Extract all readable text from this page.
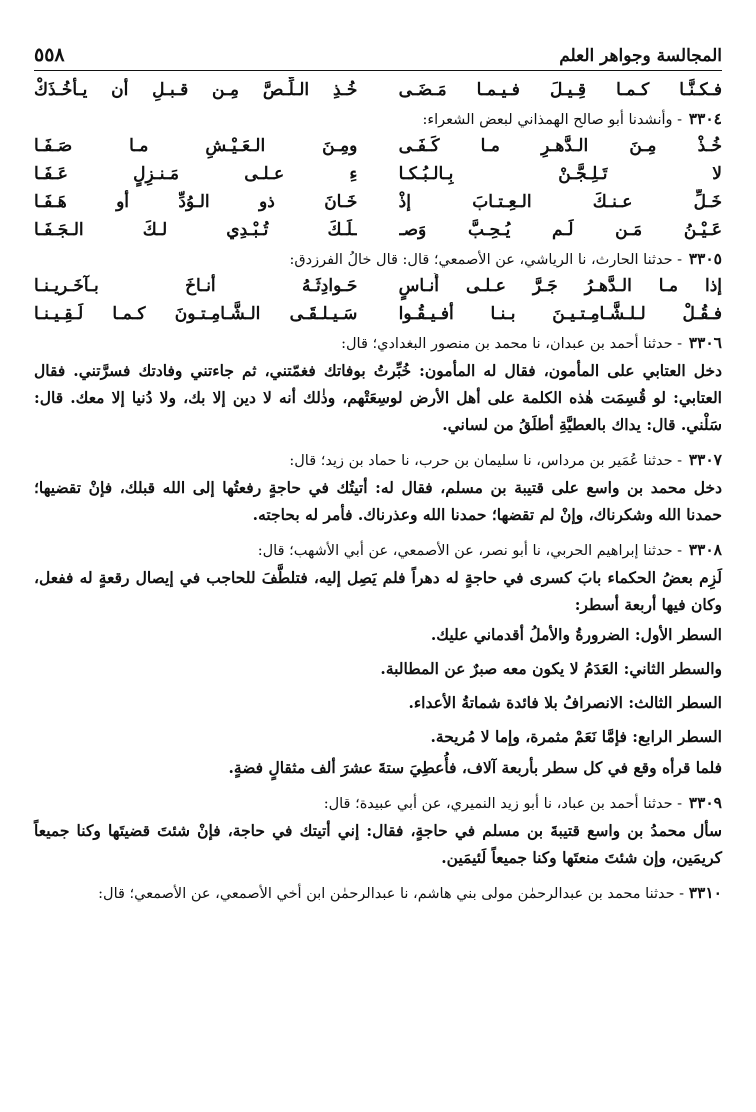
المجالسة وجواهر العلم
٥٥٨
فـكـنَّـا كـمـا قِـيـلَ فـيـمـا مَـضَـى
خُـذِ الـلِّـصَّ مِـن قـبـلِ أن يـأخُـذَكْ
٣٣٠٤ - وأنشدنا أبو صالح الهمذاني لبعض الشعراء:
خُـذْ مِـنَ الـدَّهـرِ مـا كَـفَـى
ومِـنَ الـعَـيْـشِ مـا صَـفَـا
لا تَـلِـجَّـنْ بِـالـبُـكـا
ءِ عـلـى مَـنـزِلٍ عَـفَـا
خَـلِّ عـنـكَ الـعِـتـابَ إذْ
خَـانَ ذو الـوُدِّ أو هَـفَـا
عَـيْـنُ مَـن لَـم يُـحِـبَّ وَصـ
ـلَـكَ تُـبْـدِي لـكَ الـجَـفَـا
٣٣٠٥ - حدثنا الحارث، نا الرياشي، عن الأصمعي؛ قال: قال خالُ الفرزدق:
إذا مـا الـدَّهـرُ جَـرَّ عـلـى أُنـاسٍ
حَـوادِثَـهُ أنـاخَ بـآخَـريـنـا
فـقُـلْ لـلـشَّـامِـتـيـنَ بـنـا أفـيـقُـوا
سَـيـلـقَـى الـشَّـامِـتـونَ كـمـا لَـقِـيـنـا
٣٣٠٦ - حدثنا أحمد بن عبدان، نا محمد بن منصور البغدادي؛ قال:

دخل العتابي على المأمون، فقال له المأمون: خُبِّرتُ بوفاتك فغمّتني، ثم جاءتني وفادتك فسرَّتني. فقال العتابي: لو قُسِمَت هٰذه الكلمة على أهل الأرض لوسِعَتْهم، وذٰلك أنه لا دين إلا بك، ولا دُنيا إلا معك. قال: سَلْني. قال: يداك بالعطيَّةِ أطلَقُ من لساني.

٣٣٠٧ - حدثنا عُمَير بن مرداس، نا سليمان بن حرب، نا حماد بن زيد؛ قال:

دخل محمد بن واسع على قتيبة بن مسلم، فقال له: أتيتُك في حاجةٍ رفعتُها إلى الله قبلك، فإنْ تقضيها؛ حمدنا الله وشكرناك، وإنْ لم تقضها؛ حمدنا الله وعذرناك. فأمر له بحاجته.

٣٣٠٨ - حدثنا إبراهيم الحربي، نا أبو نصر، عن الأصمعي، عن أبي الأشهب؛ قال:

لَزِم بعضُ الحكماء بابَ كسرى في حاجةٍ له دهراً فلم يَصِل إليه، فتلطَّفَ للحاجب في إيصال رقعةٍ له ففعل، وكان فيها أربعة أسطر:

السطر الأول: الضرورةُ والأملُ أقدماني عليك.
والسطر الثاني: العَدَمُ لا يكون معه صبرٌ عن المطالبة.
السطر الثالث: الانصرافُ بلا فائدة شماتةُ الأعداء.
السطر الرابع: فإمَّا نَعَمْ مثمرة، وإما لا مُريحة.

فلما قرأه وقع في كل سطر بأربعة آلاف، فأُعطِيَ ستةَ عشرَ ألف مثقالٍ فضةٍ.

٣٣٠٩ - حدثنا أحمد بن عباد، نا أبو زيد النميري، عن أبي عبيدة؛ قال:

سأل محمدُ بن واسع قتيبةَ بن مسلم في حاجةٍ، فقال: إني أتيتك في حاجة، فإنْ شئتَ قضيتَها وكنا جميعاً كريمَين، وإن شئتَ منعتَها وكنا جميعاً لَئيمَين.

٣٣١٠ - حدثنا محمد بن عبدالرحمٰن مولى بني هاشم، نا عبدالرحمٰن ابن أخي الأصمعي، عن الأصمعي؛ قال:
